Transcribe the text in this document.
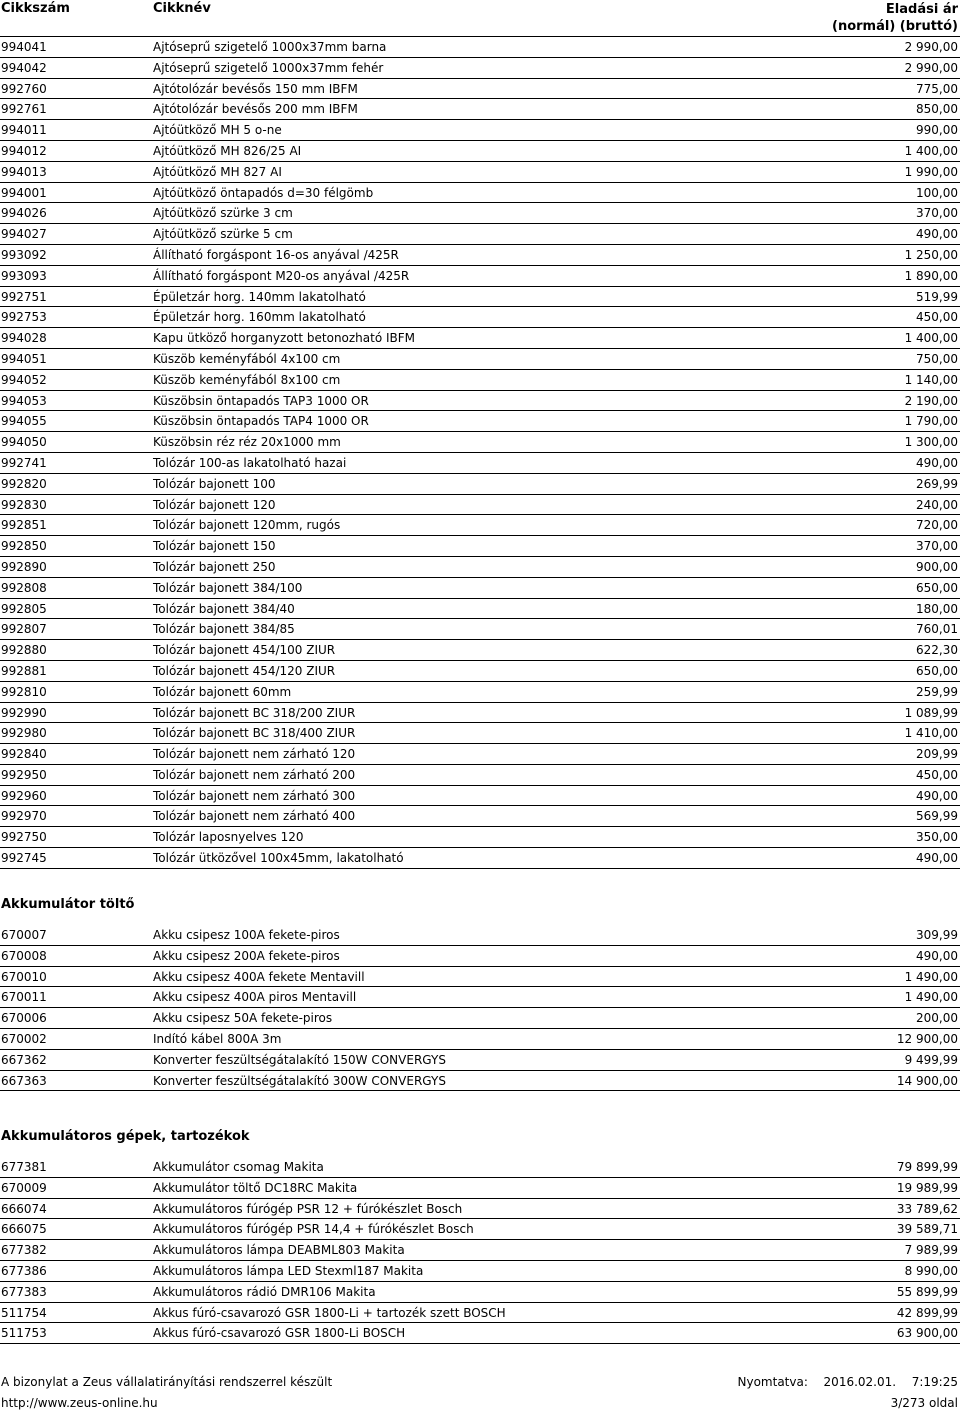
Cikkszám	Cikknév	Eladási ár
(normál) (bruttó)
994041	Ajtóseprű szigetelő 1000x37mm barna	2 990,00
994042	Ajtóseprű szigetelő 1000x37mm fehér	2 990,00
992760	Ajtótolózár bevésős 150 mm IBFM	775,00
992761	Ajtótolózár bevésős 200 mm IBFM	850,00
994011	Ajtóütköző MH 5 o-ne	990,00
994012	Ajtóütköző MH 826/25 AI	1 400,00
994013	Ajtóütköző MH 827 AI	1 990,00
994001	Ajtóütköző öntapadós d=30 félgömb	100,00
994026	Ajtóütköző szürke 3 cm	370,00
994027	Ajtóütköző szürke 5 cm	490,00
993092	Állítható forgáspont 16-os anyával /425R	1 250,00
993093	Állítható forgáspont M20-os anyával /425R	1 890,00
992751	Épületzár horg. 140mm lakatolható	519,99
992753	Épületzár horg. 160mm lakatolható	450,00
994028	Kapu ütköző horganyzott betonozható IBFM	1 400,00
994051	Küszöb keményfából 4x100 cm	750,00
994052	Küszöb keményfából 8x100 cm	1 140,00
994053	Küszöbsin öntapadós TAP3 1000 OR	2 190,00
994055	Küszöbsin öntapadós TAP4 1000 OR	1 790,00
994050	Küszöbsin réz réz 20x1000 mm	1 300,00
992741	Tolózár 100-as lakatolható hazai	490,00
992820	Tolózár bajonett 100	269,99
992830	Tolózár bajonett 120	240,00
992851	Tolózár bajonett 120mm, rugós	720,00
992850	Tolózár bajonett 150	370,00
992890	Tolózár bajonett 250	900,00
992808	Tolózár bajonett 384/100	650,00
992805	Tolózár bajonett 384/40	180,00
992807	Tolózár bajonett 384/85	760,01
992880	Tolózár bajonett 454/100 ZIUR	622,30
992881	Tolózár bajonett 454/120 ZIUR	650,00
992810	Tolózár bajonett 60mm	259,99
992990	Tolózár bajonett BC 318/200 ZIUR	1 089,99
992980	Tolózár bajonett BC 318/400 ZIUR	1 410,00
992840	Tolózár bajonett nem zárható 120	209,99
992950	Tolózár bajonett nem zárható 200	450,00
992960	Tolózár bajonett nem zárható 300	490,00
992970	Tolózár bajonett nem zárható 400	569,99
992750	Tolózár laposnyelves 120	350,00
992745	Tolózár ütközővel 100x45mm, lakatolható	490,00
Akkumulátor töltő
670007	Akku csipesz 100A fekete-piros	309,99
670008	Akku csipesz 200A fekete-piros	490,00
670010	Akku csipesz 400A fekete Mentavill	1 490,00
670011	Akku csipesz 400A piros Mentavill	1 490,00
670006	Akku csipesz 50A fekete-piros	200,00
670002	Indító kábel 800A 3m	12 900,00
667362	Konverter feszültségátalakító 150W CONVERGYS	9 499,99
667363	Konverter feszültségátalakító 300W CONVERGYS	14 900,00
Akkumulátoros gépek, tartozékok
677381	Akkumulátor csomag Makita	79 899,99
670009	Akkumulátor töltő DC18RC Makita	19 989,99
666074	Akkumulátoros fúrógép PSR 12 + fúrókészlet Bosch	33 789,62
666075	Akkumulátoros fúrógép PSR 14,4 + fúrókészlet Bosch	39 589,71
677382	Akkumulátoros lámpa DEABML803 Makita	7 989,99
677386	Akkumulátoros lámpa LED Stexml187 Makita	8 990,00
677383	Akkumulátoros rádió DMR106 Makita	55 899,99
511754	Akkus fúró-csavarozó GSR 1800-Li + tartozék szett BOSCH	42 899,99
511753	Akkus fúró-csavarozó GSR 1800-Li BOSCH	63 900,00
A bizonylat a Zeus vállalatirányítási rendszerrel készült
http://www.zeus-online.hu
Nyomtatva: 2016.02.01. 7:19:25
3/273 oldal
